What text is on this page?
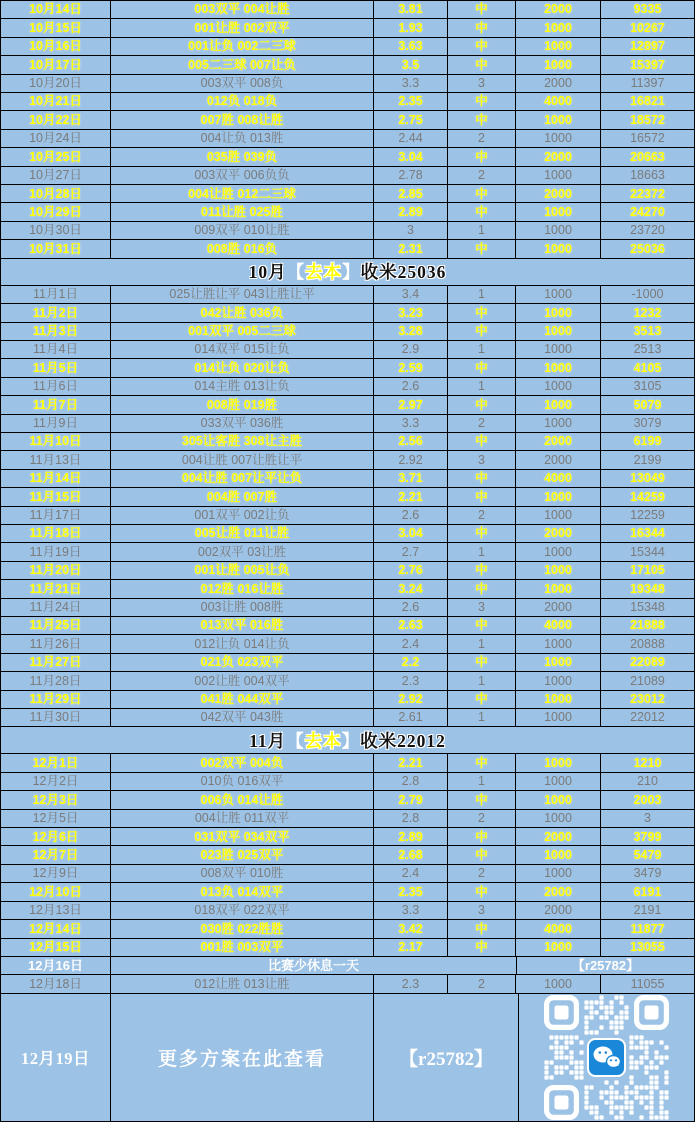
10月14日	003双平 004让胜	3.81	中	2000	9335
10月15日	001让胜 002双平	1.93	中	1000	10267
10月16日	001让负 002二三球	3.63	中	1000	12897
10月17日	005二三球 007让负	3.5	中	1000	15397
10月20日	003双平 008负	3.3	3	2000	11397
10月21日	012负 018负	2.35	中	4000	16821
10月22日	007胜 008让胜	2.75	中	1000	18572
10月24日	004让负 013胜	2.44	2	1000	16572
10月25日	035胜 039负	3.04	中	2000	20663
10月27日	003双平 006负负	2.78	2	1000	18663
10月28日	004让胜 012二三球	2.85	中	2000	22372
10月29日	011让胜 025胜	2.89	中	1000	24270
10月30日	009双平 010让胜	3	1	1000	23720
10月31日	008胜 016负	2.31	中	1000	25036
10月 【 去本 】 收米25036
11月1日	025让胜让平 043让胜让平	3.4	1	1000	-1000
11月2日	042让胜 036负	3.23	中	1000	1232
11月3日	001双平 005二三球	3.28	中	1000	3513
11月4日	014双平 015让负	2.9	1	1000	2513
11月5日	014让负 020让负	2.59	中	1000	4105
11月6日	014主胜 013让负	2.6	1	1000	3105
11月7日	008胜 019胜	2.97	中	1000	5079
11月9日	033双平 036胜	3.3	2	1000	3079
11月10日	305让客胜 308让主胜	2.56	中	2000	6199
11月13日	004让胜 007让胜让平	2.92	3	2000	2199
11月14日	004让胜 007让平让负	3.71	中	4000	13049
11月15日	004胜 007胜	2.21	中	1000	14259
11月17日	001双平 002让负	2.6	2	1000	12259
11月18日	005让胜 011让胜	3.04	中	2000	16344
11月19日	002双平 03让胜	2.7	1	1000	15344
11月20日	001让胜 005让负	2.76	中	1000	17105
11月21日	012胜 016让胜	3.24	中	1000	19348
11月24日	003让胜 008胜	2.6	3	2000	15348
11月25日	013双平 016胜	2.63	中	4000	21888
11月26日	012让负 014让负	2.4	1	1000	20888
11月27日	021负 023双平	2.2	中	1000	22089
11月28日	002让胜 004双平	2.3	1	1000	21089
11月29日	041胜 044双平	2.92	中	1000	23012
11月30日	042双平 043胜	2.61	1	1000	22012
11月 【 去本 】 收米22012
12月1日	002双平 004负	2.21	中	1000	1210
12月2日	010负 016双平	2.8	1	1000	210
12月3日	006负 014让胜	2.79	中	1000	2003
12月5日	004让胜 011双平	2.8	2	1000	3
12月6日	031双平 034双平	2.89	中	2000	3799
12月7日	023胜 025双平	2.68	中	1000	5479
12月9日	008双平 010胜	2.4	2	1000	3479
12月10日	013负 014双平	2.35	中	2000	6191
12月13日	018双平 022双平	3.3	3	2000	2191
12月14日	030胜 022胜胜	3.42	中	4000	11877
12月15日	001胜 003双平	2.17	中	1000	13055
12月16日	比赛少休息一天	【r25782】
12月18日	012让胜 013让胜	2.3	2	1000	11055
12月19日	更多方案在此查看	【r25782】
